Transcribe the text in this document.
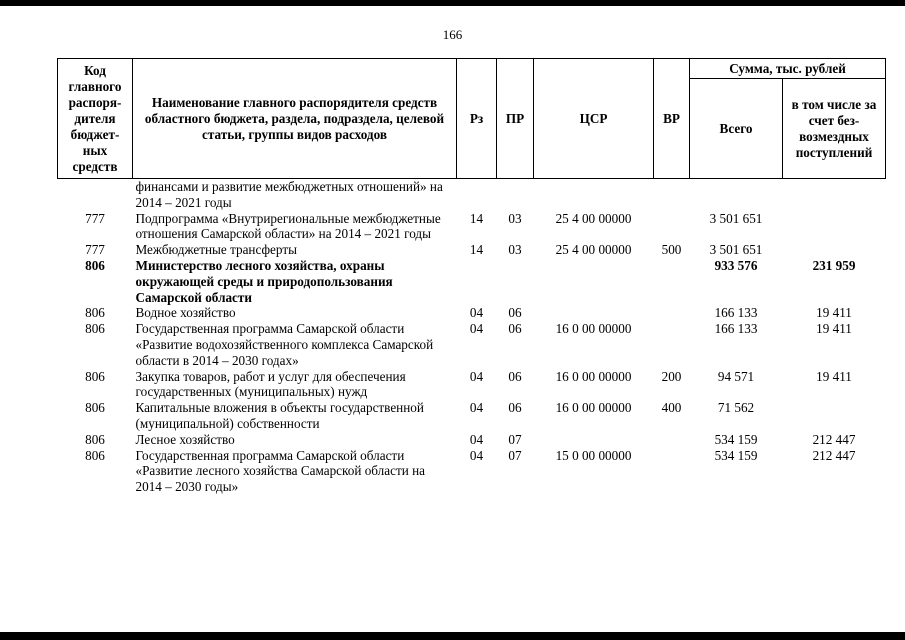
166
Код главного распоря-дителя бюджет-ных средств	Наименование главного распорядителя средств областного бюджета, раздела, подраздела, целевой статьи, группы видов расходов	Рз	ПР	ЦСР	ВР	Сумма, тыс. рублей	
						Всего	в том числе за счет без-возмездных поступлений
	финансами и развитие межбюджетных отношений» на 2014 – 2021 годы						
777	Подпрограмма «Внутрирегиональные межбюджетные отношения Самарской области» на 2014 – 2021 годы	14	03	25 4 00 00000		3 501 651	
777	Межбюджетные трансферты	14	03	25 4 00 00000	500	3 501 651	
806	Министерство лесного хозяйства, охраны окружающей среды и природопользования Самарской области					933 576	231 959
806	Водное хозяйство	04	06			166 133	19 411
806	Государственная программа Самарской области «Развитие водохозяйственного комплекса Самарской области в 2014 – 2030 годах»	04	06	16 0 00 00000		166 133	19 411
806	Закупка товаров, работ и услуг для обеспечения государственных (муниципальных) нужд	04	06	16 0 00 00000	200	94 571	19 411
806	Капитальные вложения в объекты государственной (муниципальной) собственности	04	06	16 0 00 00000	400	71 562	
806	Лесное хозяйство	04	07			534 159	212 447
806	Государственная программа Самарской области «Развитие лесного хозяйства Самарской области на 2014 – 2030 годы»	04	07	15 0 00 00000		534 159	212 447
